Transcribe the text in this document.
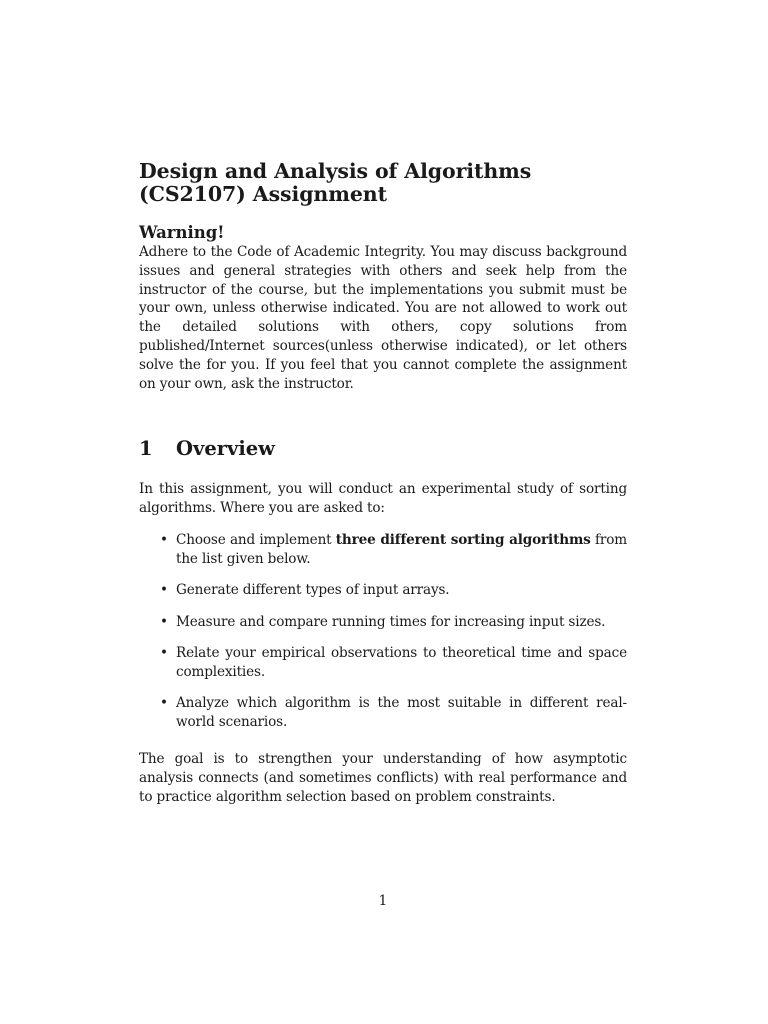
Design and Analysis of Algorithms (CS2107) Assignment
Warning!

Adhere to the Code of Academic Integrity. You may discuss background issues and general strategies with others and seek help from the instructor of the course, but the implementations you submit must be your own, unless otherwise indicated. You are not allowed to work out the detailed solutions with others, copy solutions from published/Internet sources(unless otherwise indicated), or let others solve the for you. If you feel that you cannot complete the assignment on your own, ask the instructor.

1 Overview

In this assignment, you will conduct an experimental study of sorting algorithms. Where you are asked to:

• Choose and implement three different sorting algorithms from the list given below.
• Generate different types of input arrays.
• Measure and compare running times for increasing input sizes.
• Relate your empirical observations to theoretical time and space complexities.
• Analyze which algorithm is the most suitable in different real-world scenarios.

The goal is to strengthen your understanding of how asymptotic analysis connects (and sometimes conflicts) with real performance and to practice algorithm selection based on problem constraints.

1
